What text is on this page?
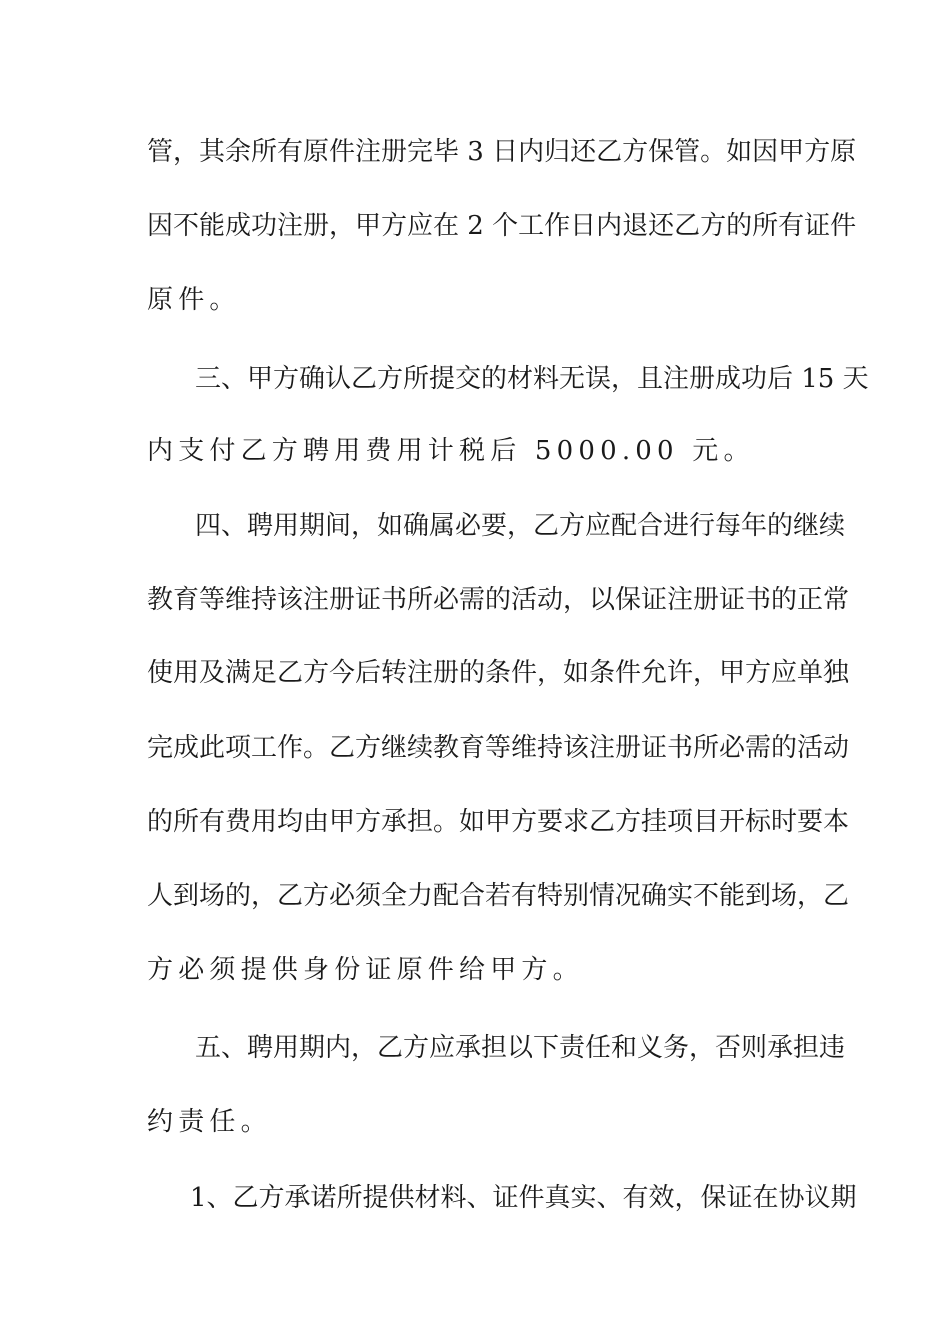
管，其余所有原件注册完毕 3 日内归还乙方保管。如因甲方原
因不能成功注册，甲方应在 2 个工作日内退还乙方的所有证件
原件。
三、甲方确认乙方所提交的材料无误，且注册成功后 15 天
内支付乙方聘用费用计税后 5000.00 元。
四、聘用期间，如确属必要，乙方应配合进行每年的继续
教育等维持该注册证书所必需的活动，以保证注册证书的正常
使用及满足乙方今后转注册的条件，如条件允许，甲方应单独
完成此项工作。乙方继续教育等维持该注册证书所必需的活动
的所有费用均由甲方承担。如甲方要求乙方挂项目开标时要本
人到场的，乙方必须全力配合若有特别情况确实不能到场，乙
方必须提供身份证原件给甲方。
五、聘用期内，乙方应承担以下责任和义务，否则承担违
约责任。
1、乙方承诺所提供材料、证件真实、有效，保证在协议期
